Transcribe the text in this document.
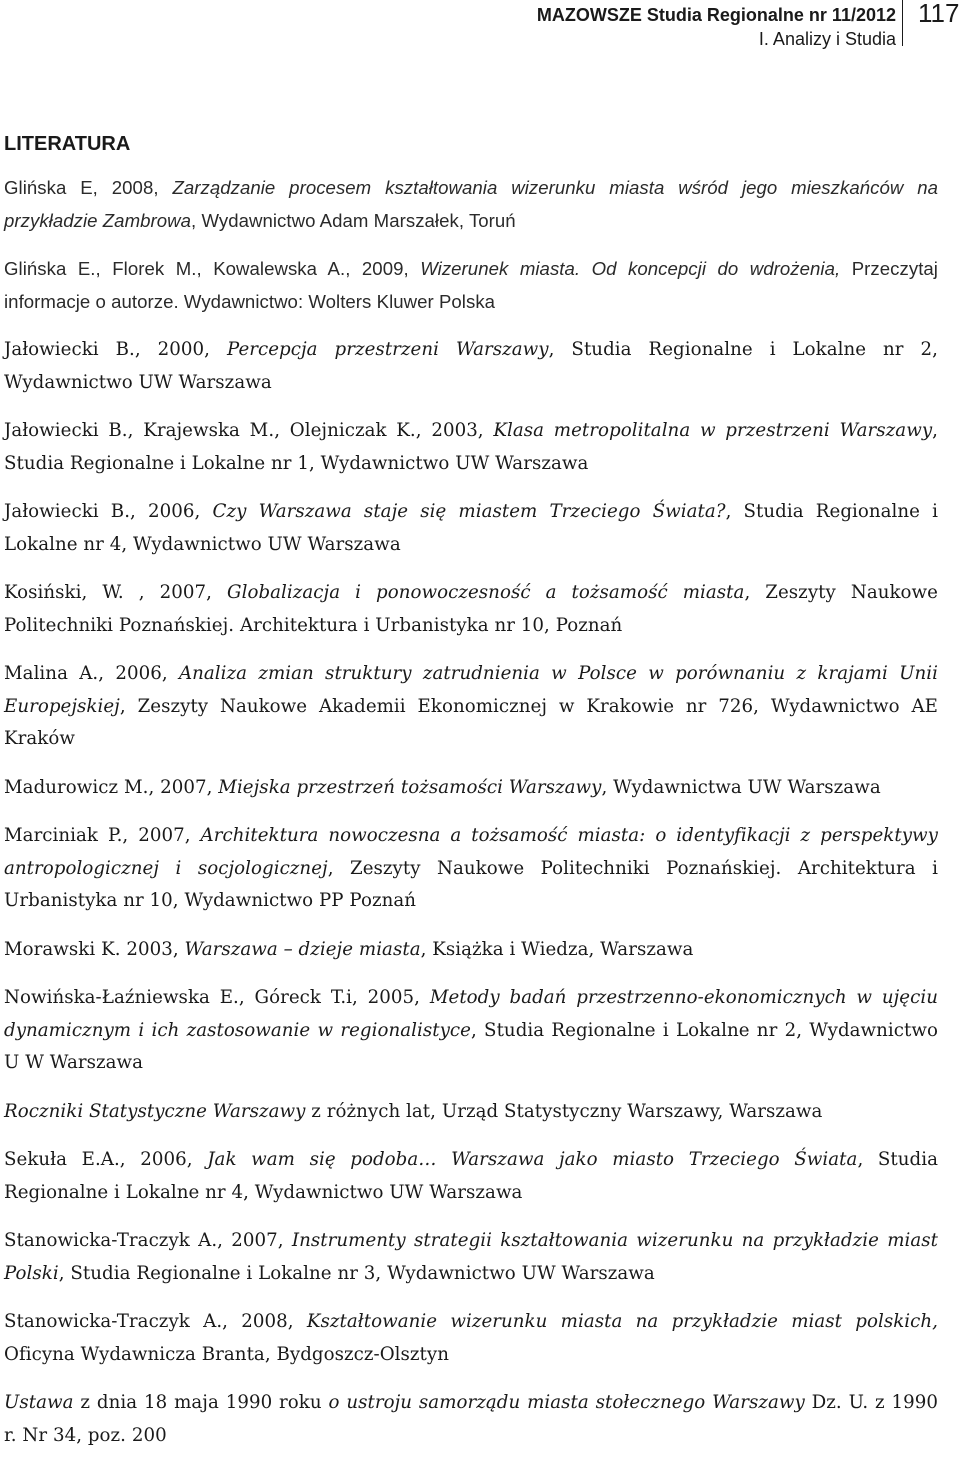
MAZOWSZE Studia Regionalne nr 11/2012
I. Analizy i Studia
117
LITERATURA
Glińska E, 2008, Zarządzanie procesem kształtowania wizerunku miasta wśród jego mieszkańców na przykładzie Zambrowa, Wydawnictwo Adam Marszałek, Toruń
Glińska E., Florek M., Kowalewska A., 2009, Wizerunek miasta. Od koncepcji do wdrożenia, Przeczytaj informacje o autorze. Wydawnictwo: Wolters Kluwer Polska
Jałowiecki B., 2000, Percepcja przestrzeni Warszawy, Studia Regionalne i Lokalne nr 2, Wydawnictwo UW Warszawa
Jałowiecki B., Krajewska M., Olejniczak K., 2003, Klasa metropolitalna w przestrzeni Warszawy, Studia Regionalne i Lokalne nr 1, Wydawnictwo UW Warszawa
Jałowiecki B., 2006, Czy Warszawa staje się miastem Trzeciego Świata?, Studia Regionalne i Lokalne nr 4, Wydawnictwo UW Warszawa
Kosiński, W. , 2007, Globalizacja i ponowoczesność a tożsamość miasta, Zeszyty Naukowe Politechniki Poznańskiej. Architektura i Urbanistyka nr 10, Poznań
Malina A., 2006, Analiza zmian struktury zatrudnienia w Polsce w porównaniu z krajami Unii Europejskiej, Zeszyty Naukowe Akademii Ekonomicznej w Krakowie nr 726, Wydawnictwo AE Kraków
Madurowicz M., 2007, Miejska przestrzeń tożsamości Warszawy, Wydawnictwa UW Warszawa
Marciniak P., 2007, Architektura nowoczesna a tożsamość miasta: o identyfikacji z perspektywy antropologicznej i socjologicznej, Zeszyty Naukowe Politechniki Poznańskiej. Architektura i Urbanistyka nr 10, Wydawnictwo PP Poznań
Morawski K. 2003, Warszawa – dzieje miasta, Książka i Wiedza, Warszawa
Nowińska-Łaźniewska E., Góreck T.i, 2005, Metody badań przestrzenno-ekonomicznych w ujęciu dynamicznym i ich zastosowanie w regionalistyce, Studia Regionalne i Lokalne nr 2, Wydawnictwo U W Warszawa
Roczniki Statystyczne Warszawy z różnych lat, Urząd Statystyczny Warszawy, Warszawa
Sekuła E.A., 2006, Jak wam się podoba… Warszawa jako miasto Trzeciego Świata, Studia Regionalne i Lokalne nr 4, Wydawnictwo UW Warszawa
Stanowicka-Traczyk A., 2007, Instrumenty strategii kształtowania wizerunku na przykładzie miast Polski, Studia Regionalne i Lokalne nr 3, Wydawnictwo UW Warszawa
Stanowicka-Traczyk A., 2008, Kształtowanie wizerunku miasta na przykładzie miast polskich, Oficyna Wydawnicza Branta, Bydgoszcz-Olsztyn
Ustawa z dnia 18 maja 1990 roku o ustroju samorządu miasta stołecznego Warszawy Dz. U. z 1990 r. Nr 34, poz. 200
